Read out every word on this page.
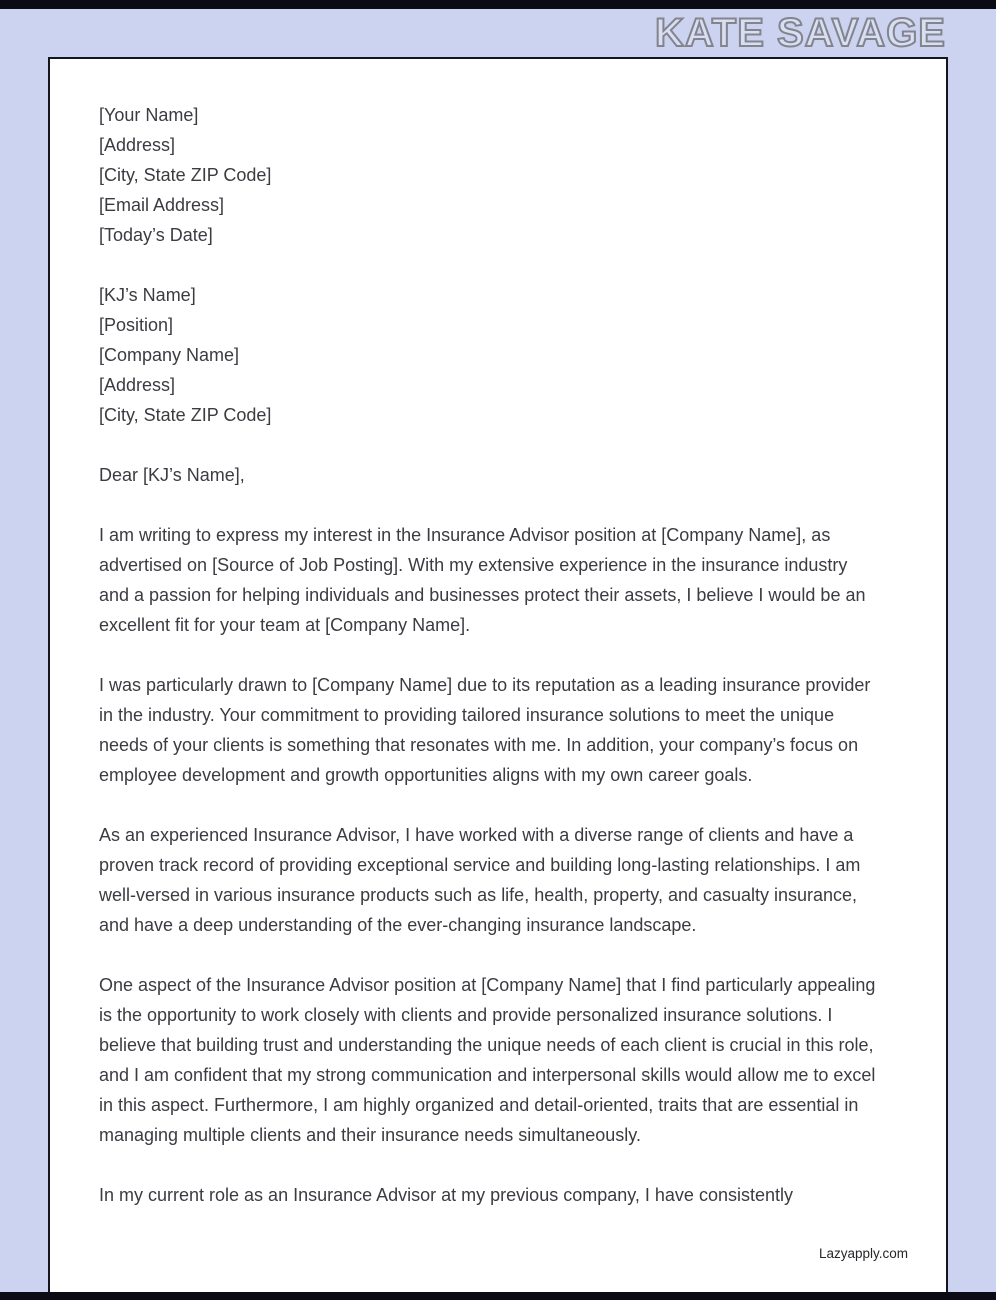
KATE SAVAGE

[Your Name]

[Address]

[City, State ZIP Code]

[Email Address]

[Today’s Date]

[KJ’s Name]

[Position]

[Company Name]

[Address]

[City, State ZIP Code]

Dear [KJ’s Name],

I am writing to express my interest in the Insurance Advisor position at [Company Name], as advertised on [Source of Job Posting]. With my extensive experience in the insurance industry and a passion for helping individuals and businesses protect their assets, I believe I would be an excellent fit for your team at [Company Name].

I was particularly drawn to [Company Name] due to its reputation as a leading insurance provider in the industry. Your commitment to providing tailored insurance solutions to meet the unique needs of your clients is something that resonates with me. In addition, your company’s focus on employee development and growth opportunities aligns with my own career goals.

As an experienced Insurance Advisor, I have worked with a diverse range of clients and have a proven track record of providing exceptional service and building long-lasting relationships. I am well-versed in various insurance products such as life, health, property, and casualty insurance, and have a deep understanding of the ever-changing insurance landscape.

One aspect of the Insurance Advisor position at [Company Name] that I find particularly appealing is the opportunity to work closely with clients and provide personalized insurance solutions. I believe that building trust and understanding the unique needs of each client is crucial in this role, and I am confident that my strong communication and interpersonal skills would allow me to excel in this aspect. Furthermore, I am highly organized and detail-oriented, traits that are essential in managing multiple clients and their insurance needs simultaneously.

In my current role as an Insurance Advisor at my previous company, I have consistently

Lazyapply.com
